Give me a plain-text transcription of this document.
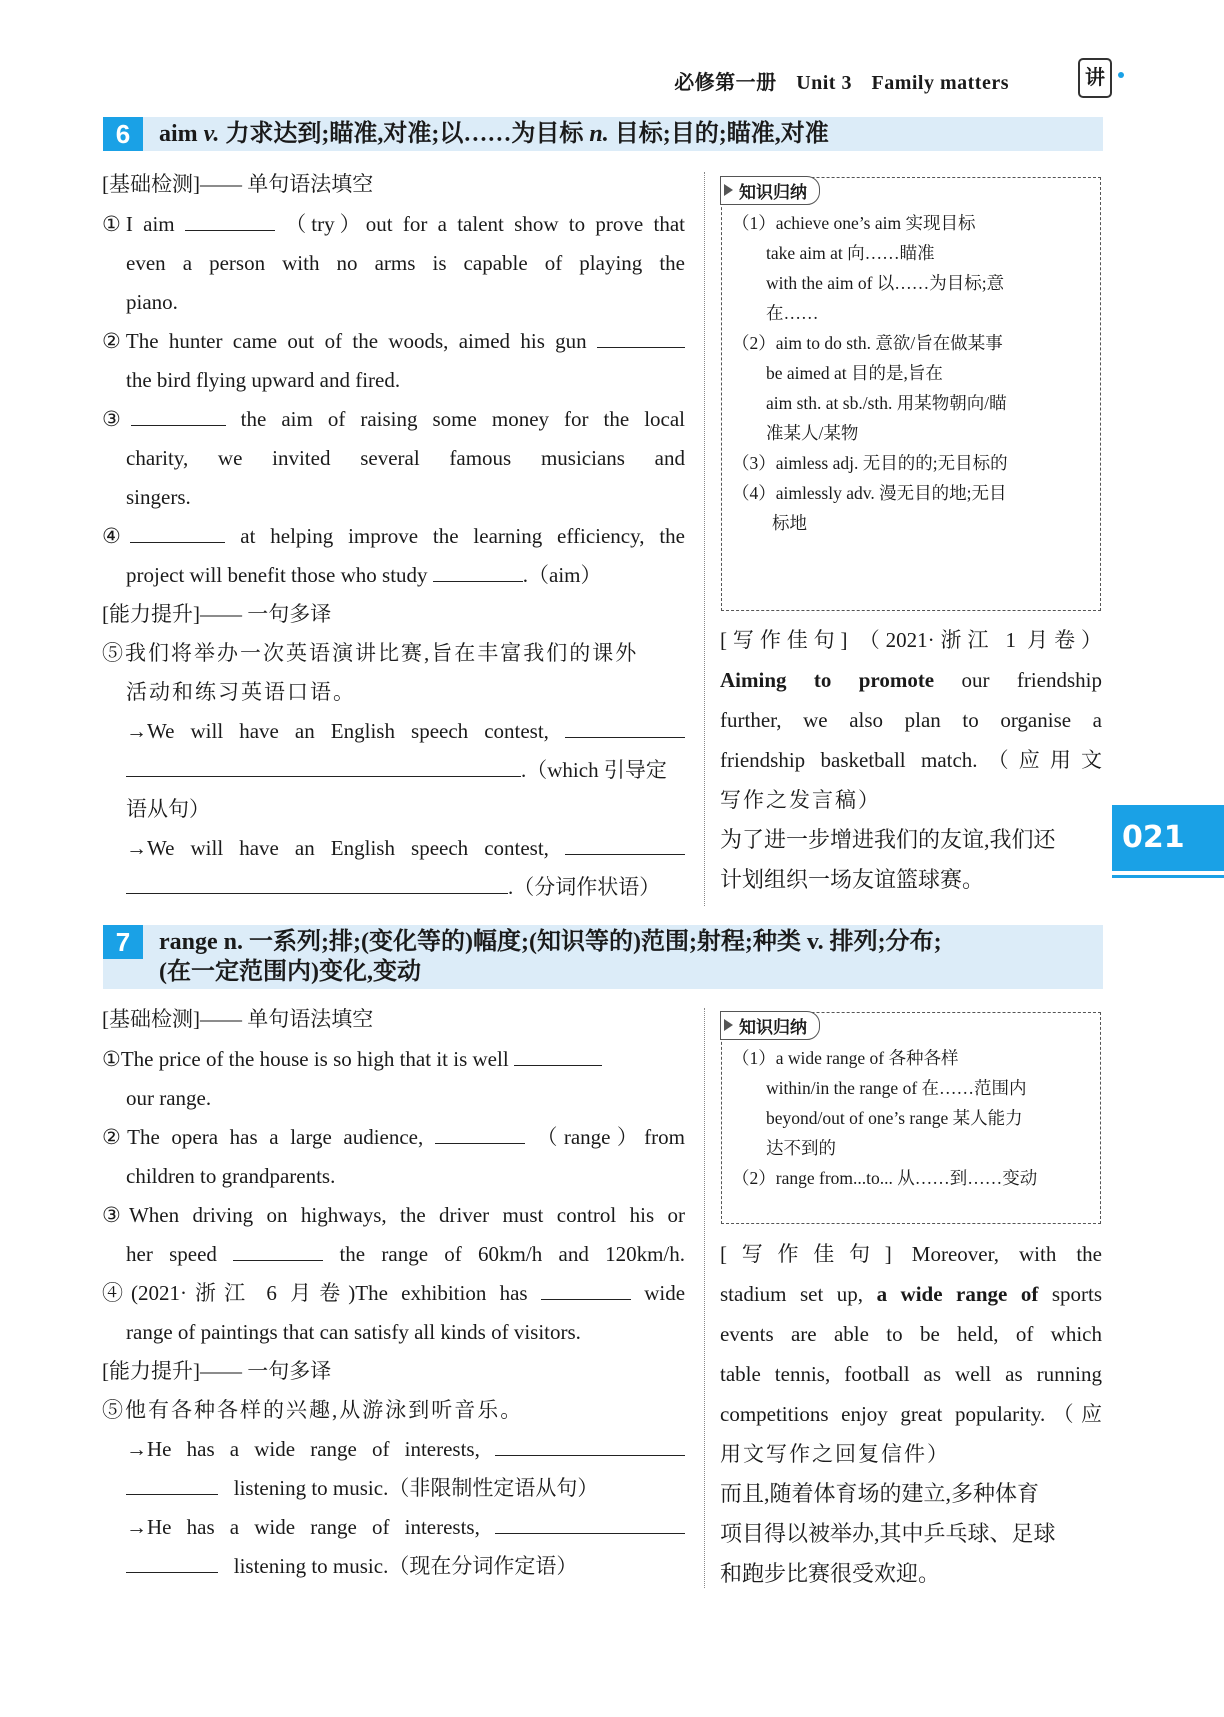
必修第一册 Unit 3 Family matters	讲
6	aim v. 力求达到;瞄准,对准;以……为目标 n. 目标;目的;瞄准,对准
[基础检测]—— 单句语法填空
①I aim	（try）out for a talent show to prove that
even a person with no arms is capable of playing the
piano.
②The hunter came out of the woods, aimed his gun
the bird flying upward and fired.
③	the aim of raising some money for the local
charity, we invited several famous musicians and
singers.
④	at helping improve the learning efficiency, the
project will benefit those who study	.（aim）
[能力提升]—— 一句多译
⑤我们将举办一次英语演讲比赛,旨在丰富我们的课外
活动和练习英语口语。
→We will have an English speech contest,
.（which 引导定
语从句）
→We will have an English speech contest,
.（分词作状语）
知识归纳
（1）achieve one’s aim 实现目标
take aim at 向……瞄准
with the aim of 以……为目标;意
在……
（2）aim to do sth. 意欲/旨在做某事
be aimed at 目的是,旨在
aim sth. at sb./sth. 用某物朝向/瞄
准某人/某物
（3）aimless adj. 无目的的;无目标的
（4）aimlessly adv. 漫无目的地;无目
标地
[写作佳句] （2021·浙江 1 月卷）
Aiming to promote our friendship
further, we also plan to organise a
friendship basketball match.（应用文
写作之发言稿）
为了进一步增进我们的友谊,我们还
计划组织一场友谊篮球赛。
021
7	range n. 一系列;排;(变化等的)幅度;(知识等的)范围;射程;种类 v. 排列;分布;
(在一定范围内)变化,变动
[基础检测]—— 单句语法填空
①The price of the house is so high that it is well
our range.
②The opera has a large audience,	（range）from
children to grandparents.
③When driving on highways, the driver must control his or
her speed	the range of 60km/h and 120km/h.
④(2021·浙江 6 月卷)The exhibition has	wide
range of paintings that can satisfy all kinds of visitors.
[能力提升]—— 一句多译
⑤他有各种各样的兴趣,从游泳到听音乐。
→He has a wide range of interests,
listening to music.（非限制性定语从句）
→He has a wide range of interests,
listening to music.（现在分词作定语）
知识归纳
（1）a wide range of 各种各样
within/in the range of 在……范围内
beyond/out of one’s range 某人能力
达不到的
（2）range from...to... 从……到……变动
[写作佳句] Moreover, with the
stadium set up, a wide range of sports
events are able to be held, of which
table tennis, football as well as running
competitions enjoy great popularity.（应
用文写作之回复信件）
而且,随着体育场的建立,多种体育
项目得以被举办,其中乒乓球、足球
和跑步比赛很受欢迎。
